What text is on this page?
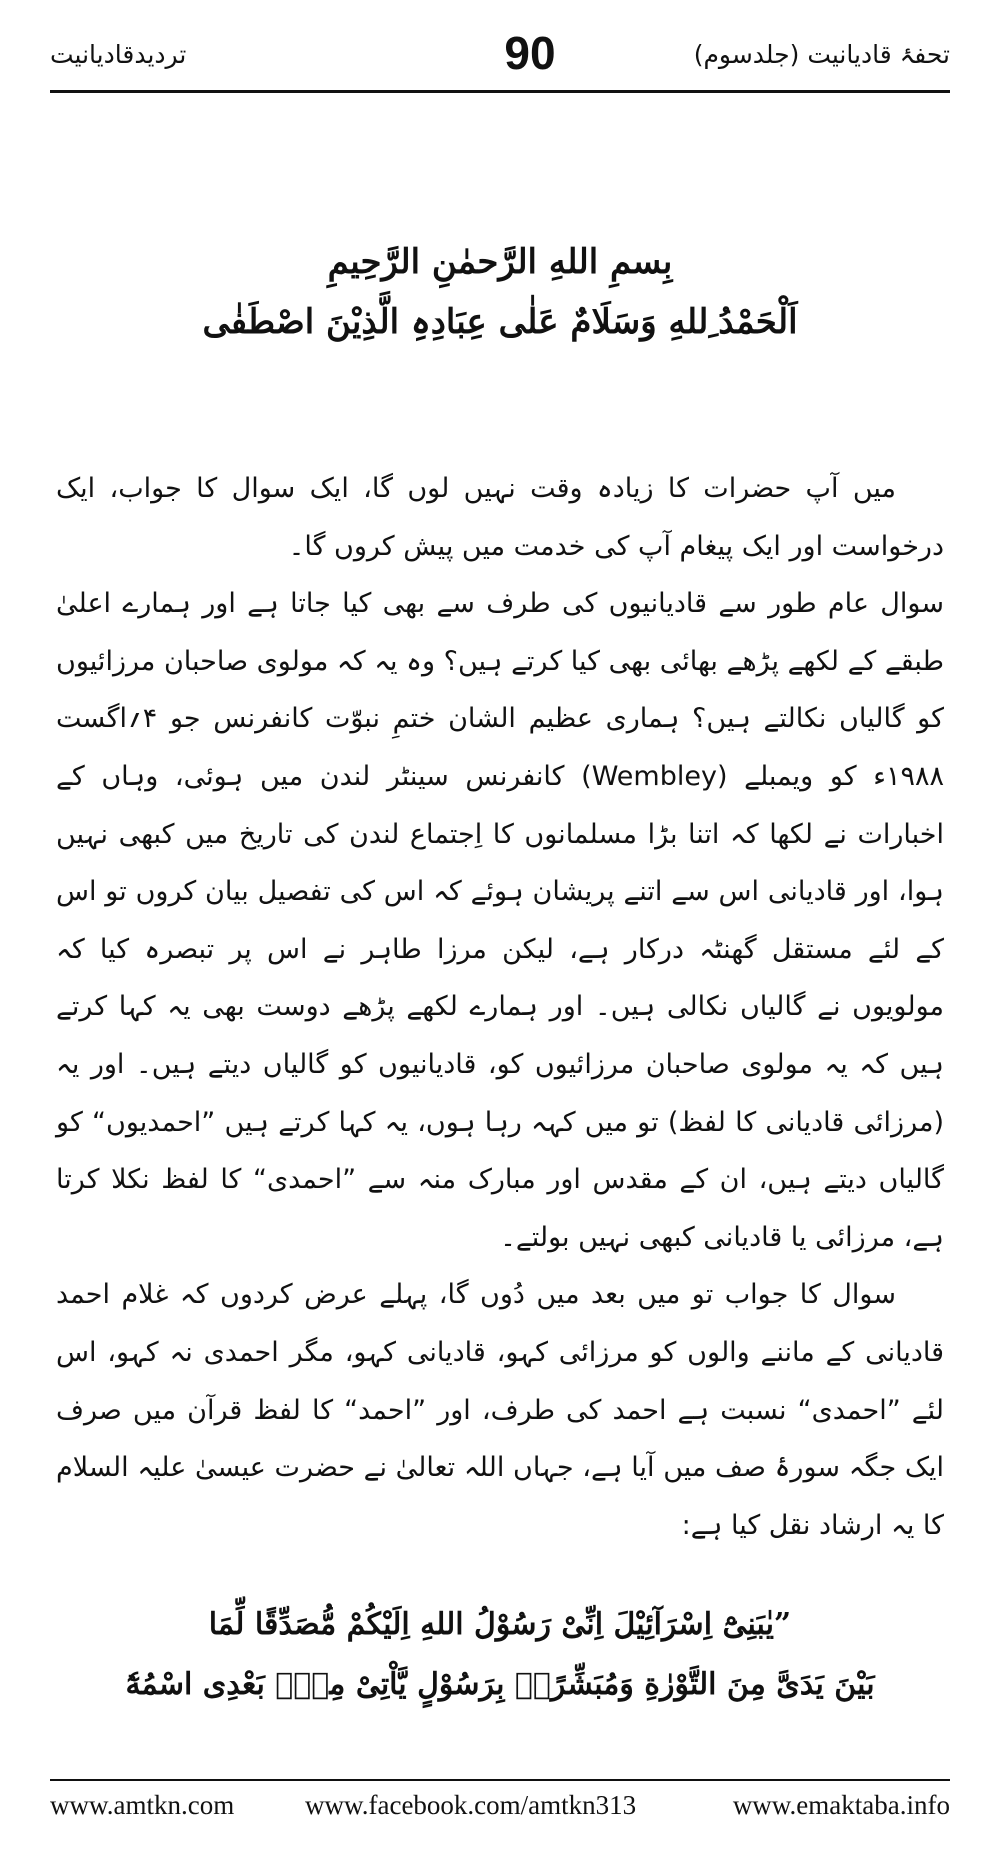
تردیدقادیانیت	90	تحفۂ قادیانیت (جلدسوم)
بِسمِ اللهِ الرَّحمٰنِ الرَّحِیمِ
اَلْحَمْدُ ِللهِ وَسَلَامٌ عَلٰی عِبَادِہِ الَّذِیْنَ اصْطَفٰی

میں آپ حضرات کا زیادہ وقت نہیں لوں گا، ایک سوال کا جواب، ایک درخواست اور ایک پیغام آپ کی خدمت میں پیش کروں گا۔

سوال عام طور سے قادیانیوں کی طرف سے بھی کیا جاتا ہے اور ہمارے اعلیٰ طبقے کے لکھے پڑھے بھائی بھی کیا کرتے ہیں؟ وہ یہ کہ مولوی صاحبان مرزائیوں کو گالیاں نکالتے ہیں؟ ہماری عظیم الشان ختمِ نبوّت کانفرنس جو ۴؍اگست ۱۹۸۸ء کو ویمبلے (Wembley) کانفرنس سینٹر لندن میں ہوئی، وہاں کے اخبارات نے لکھا کہ اتنا بڑا مسلمانوں کا اِجتماع لندن کی تاریخ میں کبھی نہیں ہوا، اور قادیانی اس سے اتنے پریشان ہوئے کہ اس کی تفصیل بیان کروں تو اس کے لئے مستقل گھنٹہ درکار ہے، لیکن مرزا طاہر نے اس پر تبصرہ کیا کہ مولویوں نے گالیاں نکالی ہیں۔ اور ہمارے لکھے پڑھے دوست بھی یہ کہا کرتے ہیں کہ یہ مولوی صاحبان مرزائیوں کو، قادیانیوں کو گالیاں دیتے ہیں۔ اور یہ (مرزائی قادیانی کا لفظ) تو میں کہہ رہا ہوں، یہ کہا کرتے ہیں ”احمدیوں“ کو گالیاں دیتے ہیں، ان کے مقدس اور مبارک منہ سے ”احمدی“ کا لفظ نکلا کرتا ہے، مرزائی یا قادیانی کبھی نہیں بولتے۔

سوال کا جواب تو میں بعد میں دُوں گا، پہلے عرض کردوں کہ غلام احمد قادیانی کے ماننے والوں کو مرزائی کہو، قادیانی کہو، مگر احمدی نہ کہو، اس لئے ”احمدی“ نسبت ہے احمد کی طرف، اور ”احمد“ کا لفظ قرآن میں صرف ایک جگہ سورۂ صف میں آیا ہے، جہاں اللہ تعالیٰ نے حضرت عیسیٰ علیہ السلام کا یہ ارشاد نقل کیا ہے:

”یٰبَنِیْٓ اِسْرَآئِیْلَ اِنِّیْ رَسُوْلُ اللهِ اِلَیْکُمْ مُّصَدِّقًا لِّمَا
بَیْنَ یَدَیَّ مِنَ التَّوْرٰةِ وَمُبَشِّرًاۢ بِرَسُوْلٍ یَّاْتِیْ مِنْۢ بَعْدِی اسْمُهٗٓ
www.amtkn.com	www.facebook.com/amtkn313	www.emaktaba.info
